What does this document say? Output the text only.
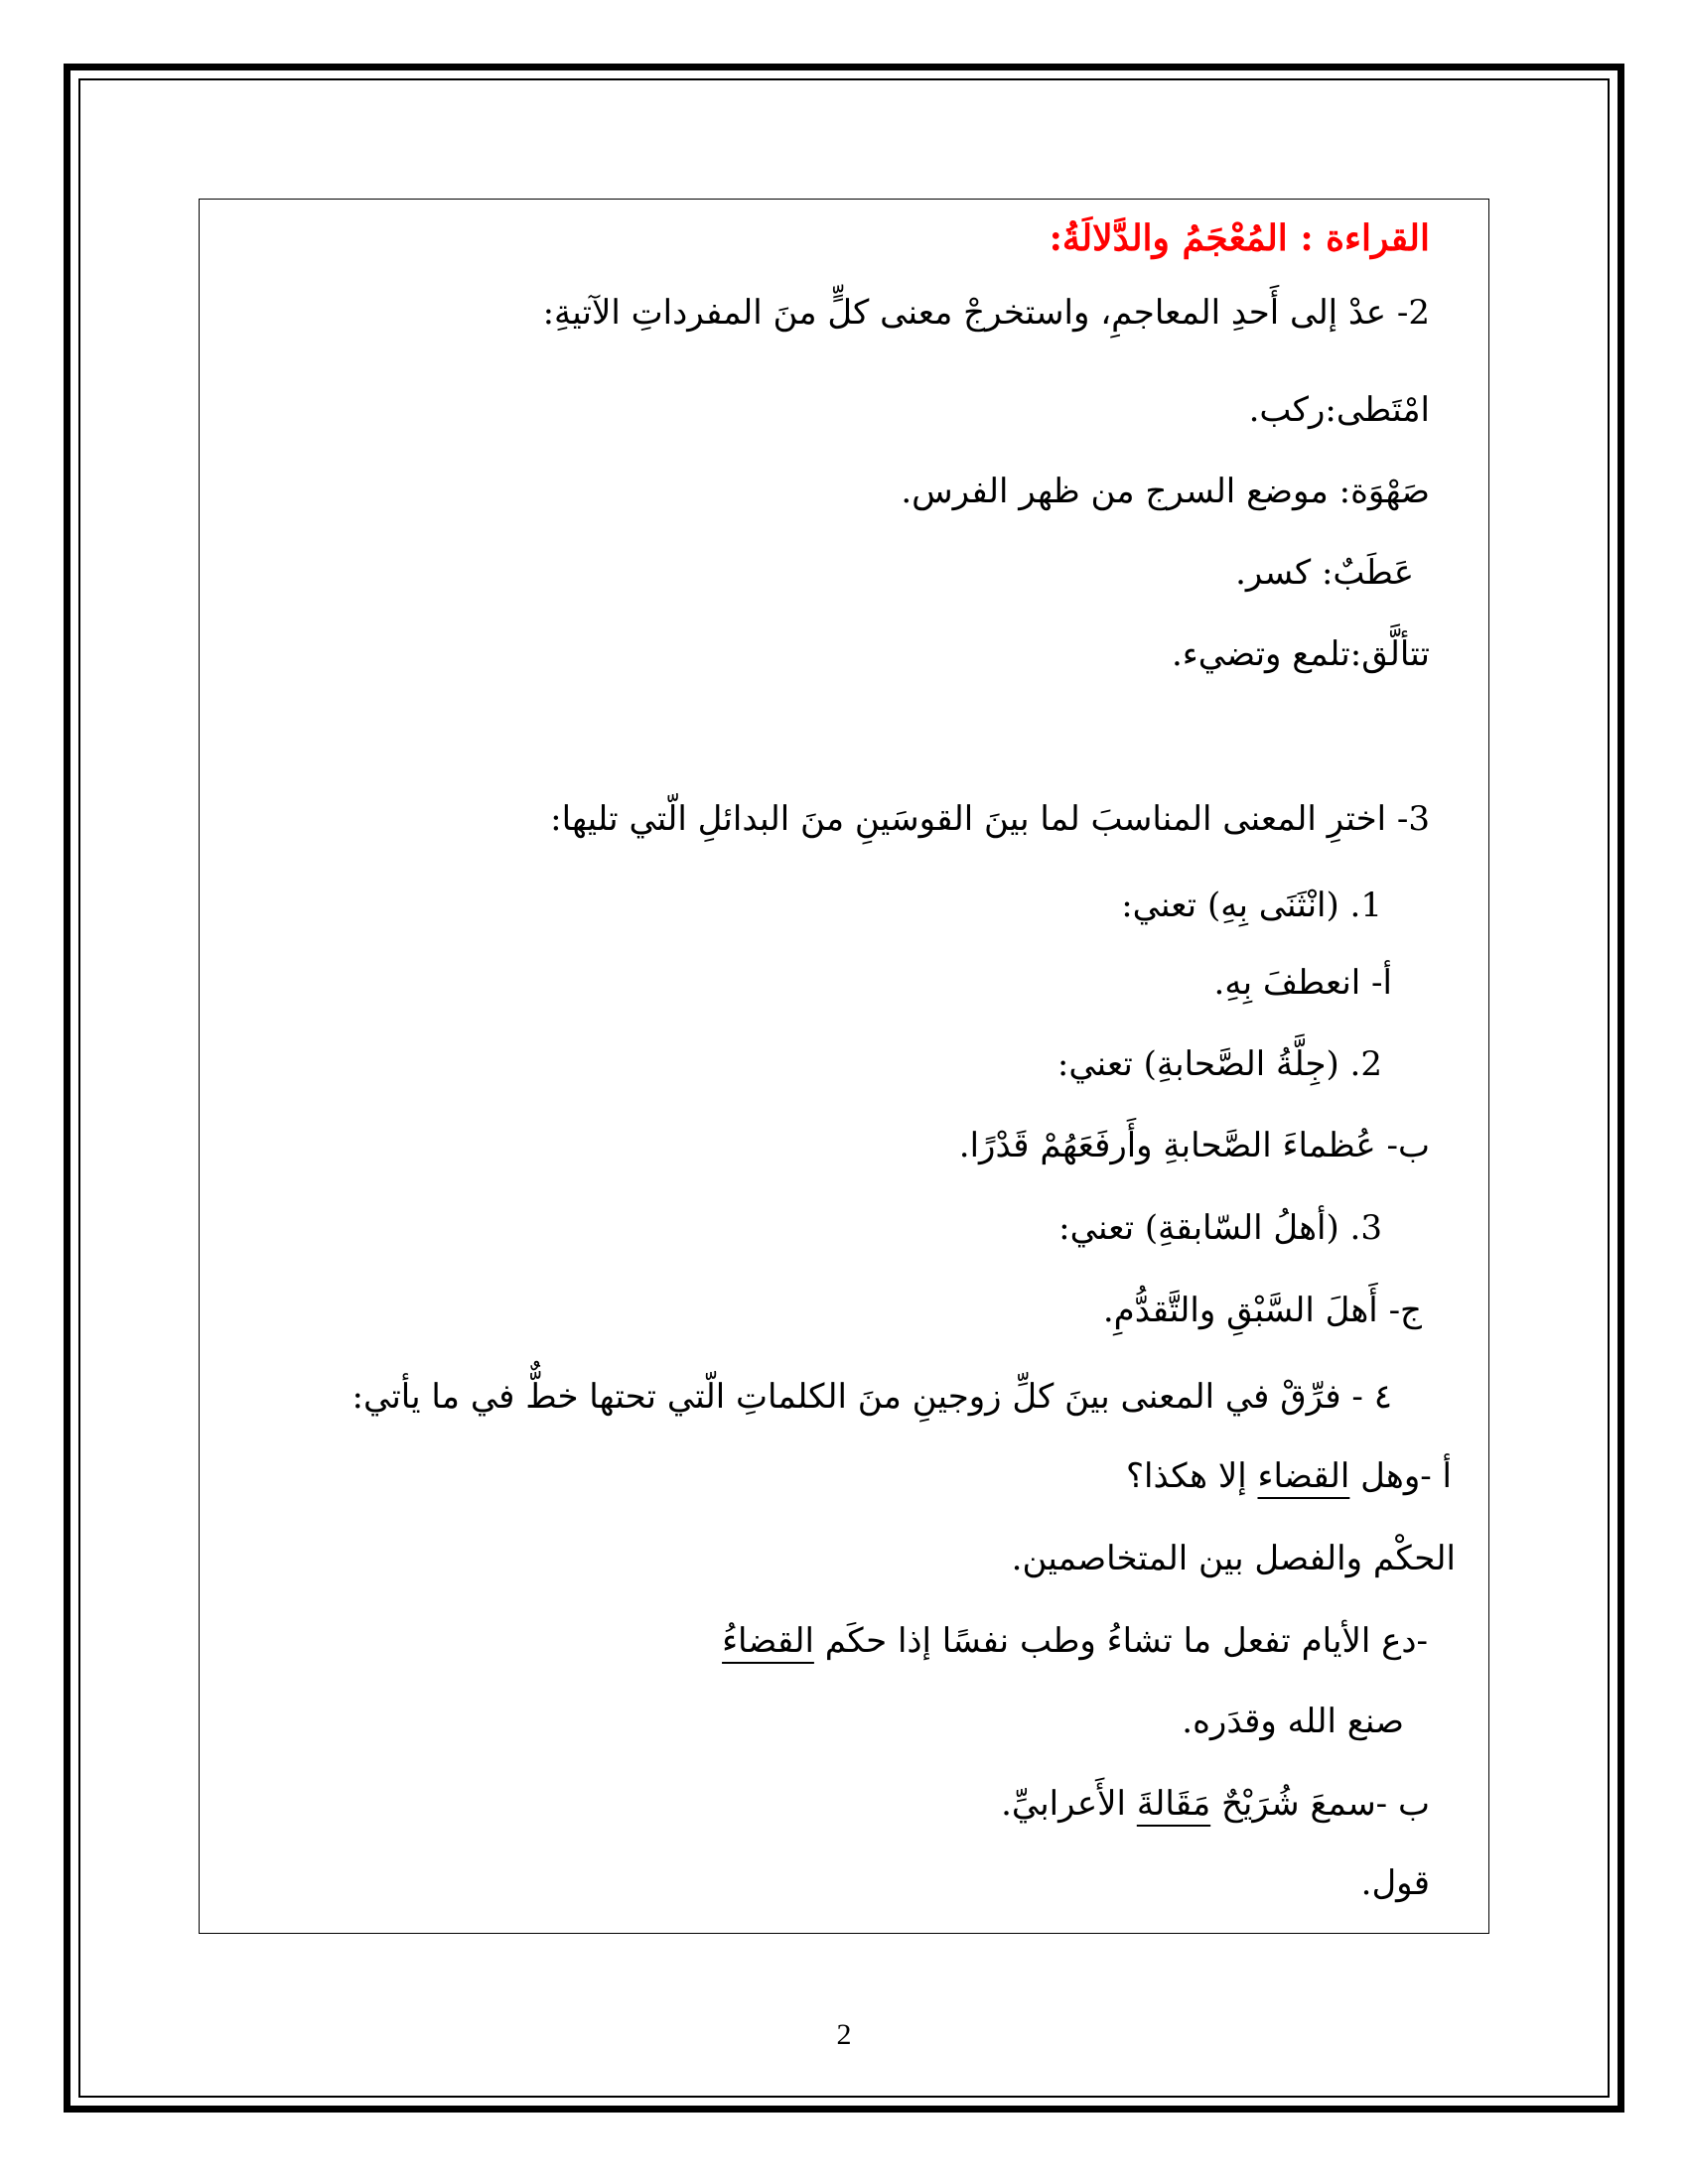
القراءة : المُعْجَمُ والدَّلالَةُ:
2- عدْ إلى أَحدِ المعاجمِ، واستخرجْ معنى كلٍّ منَ المفرداتِ الآتيةِ:
امْتَطى:ركب.
صَهْوَة: موضع السرج من ظهر الفرس.
عَطَبٌ: كسر.
تتألَّق:تلمع وتضيء.
3- اخترِ المعنى المناسبَ لما بينَ القوسَينِ منَ البدائلِ الّتي تليها:
1. (انْثَنَى بِهِ) تعني:
أ- انعطفَ بِهِ.
2. (جِلَّةُ الصَّحابةِ) تعني:
ب- عُظماءَ الصَّحابةِ وأَرفَعَهُمْ قَدْرًا.
3. (أهلُ السّابقةِ) تعني:
ج- أَهلَ السَّبْقِ والتَّقدُّمِ.
٤ - فرِّقْ في المعنى بينَ كلِّ زوجينِ منَ الكلماتِ الّتي تحتها خطٌّ في ما يأتي:
أ -وهل القضاء إلا هكذا؟
الحكْم والفصل بين المتخاصمين.
-دع الأيام تفعل ما تشاءُ وطب نفسًا إذا حكَم القضاءُ
صنع الله وقدَره.
ب -سمعَ شُرَيْحٌ مَقَالةَ الأَعرابيِّ.
قول.
2
